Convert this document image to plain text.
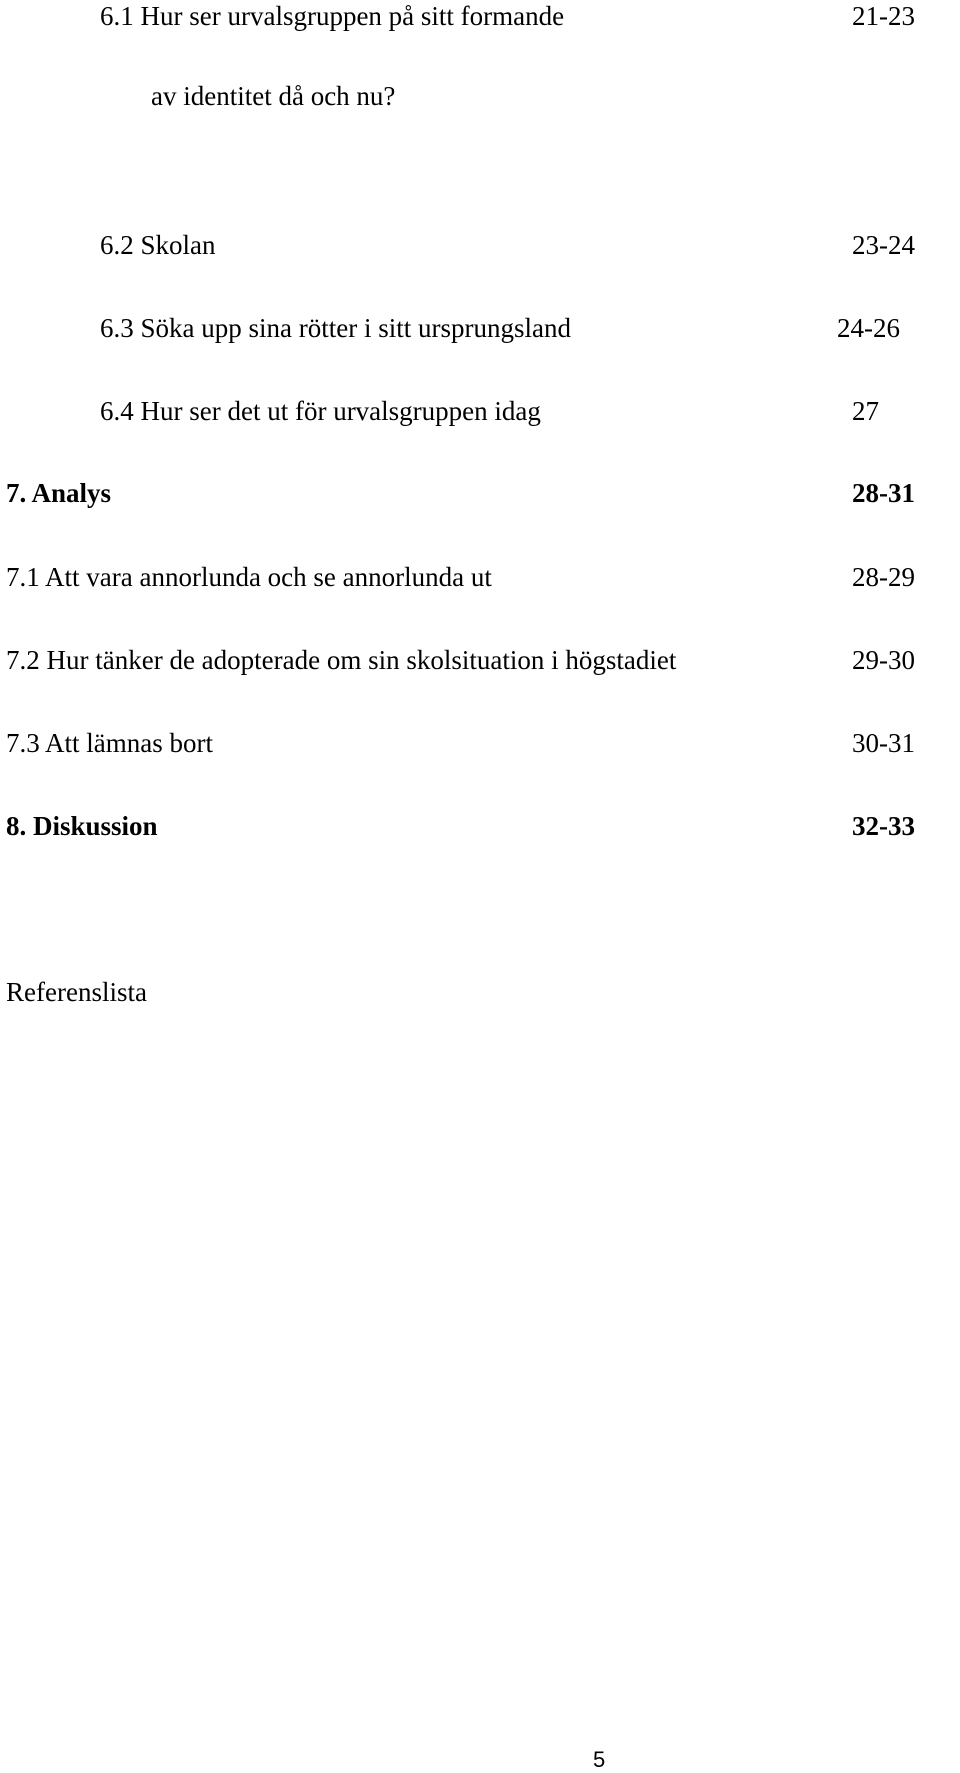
6.1 Hur ser urvalsgruppen på sitt formande	21-23
av identitet då och nu?
6.2 Skolan	23-24
6.3 Söka upp sina rötter i sitt ursprungsland	24-26
6.4 Hur ser det ut för urvalsgruppen idag	27
7. Analys	28-31
7.1 Att vara annorlunda och se annorlunda ut	28-29
7.2 Hur tänker de adopterade om sin skolsituation i högstadiet	29-30
7.3 Att lämnas bort	30-31
8. Diskussion	32-33
Referenslista
5
